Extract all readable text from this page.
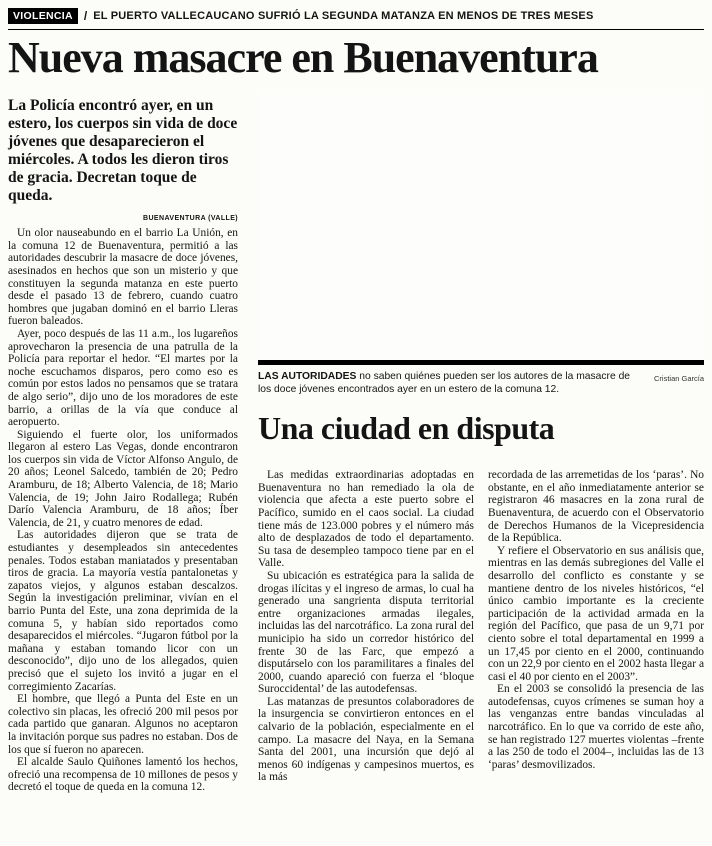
VIOLENCIA / EL PUERTO VALLECAUCANO SUFRIÓ LA SEGUNDA MATANZA EN MENOS DE TRES MESES
Nueva masacre en Buenaventura

La Policía encontró ayer, en un estero, los cuerpos sin vida de doce jóvenes que desaparecieron el miércoles. A todos les dieron tiros de gracia. Decretan toque de queda.

BUENAVENTURA (VALLE)

Un olor nauseabundo en el barrio La Unión, en la comuna 12 de Buenaventura, permitió a las autoridades descubrir la masacre de doce jóvenes, asesinados en hechos que son un misterio y que constituyen la segunda matanza en este puerto desde el pasado 13 de febrero, cuando cuatro hombres que jugaban dominó en el barrio Lleras fueron baleados.

Ayer, poco después de las 11 a.m., los lugareños aprovecharon la presencia de una patrulla de la Policía para reportar el hedor. “El martes por la noche escuchamos disparos, pero como eso es común por estos lados no pensamos que se tratara de algo serio”, dijo uno de los moradores de este barrio, a orillas de la vía que conduce al aeropuerto.

Siguiendo el fuerte olor, los uniformados llegaron al estero Las Vegas, donde encontraron los cuerpos sin vida de Víctor Alfonso Angulo, de 20 años; Leonel Salcedo, también de 20; Pedro Aramburu, de 18; Alberto Valencia, de 18; Mario Valencia, de 19; John Jairo Rodallega; Rubén Darío Valencia Aramburu, de 18 años; Íber Valencia, de 21, y cuatro menores de edad.

Las autoridades dijeron que se trata de estudiantes y desempleados sin antecedentes penales. Todos estaban maniatados y presentaban tiros de gracia. La mayoría vestía pantalonetas y zapatos viejos, y algunos estaban descalzos. Según la investigación preliminar, vivían en el barrio Punta del Este, una zona deprimida de la comuna 5, y habían sido reportados como desaparecidos el miércoles. “Jugaron fútbol por la mañana y estaban tomando licor con un desconocido”, dijo uno de los allegados, quien precisó que el sujeto los invitó a jugar en el corregimiento Zacarías.

El hombre, que llegó a Punta del Este en un colectivo sin placas, les ofreció 200 mil pesos por cada partido que ganaran. Algunos no aceptaron la invitación porque sus padres no estaban. Dos de los que sí fueron no aparecen.

El alcalde Saulo Quiñones lamentó los hechos, ofreció una recompensa de 10 millones de pesos y decretó el toque de queda en la comuna 12.

Cristian García
LAS AUTORIDADES no saben quiénes pueden ser los autores de la masacre de los doce jóvenes encontrados ayer en un estero de la comuna 12.
Una ciudad en disputa

Las medidas extraordinarias adoptadas en Buenaventura no han remediado la ola de violencia que afecta a este puerto sobre el Pacífico, sumido en el caos social. La ciudad tiene más de 123.000 pobres y el número más alto de desplazados de todo el departamento. Su tasa de desempleo tampoco tiene par en el Valle.

Su ubicación es estratégica para la salida de drogas ilícitas y el ingreso de armas, lo cual ha generado una sangrienta disputa territorial entre organizaciones armadas ilegales, incluidas las del narcotráfico. La zona rural del municipio ha sido un corredor histórico del frente 30 de las Farc, que empezó a disputárselo con los paramilitares a finales del 2000, cuando apareció con fuerza el ‘bloque Suroccidental’ de las autodefensas.

Las matanzas de presuntos colaboradores de la insurgencia se convirtieron entonces en el calvario de la población, especialmente en el campo. La masacre del Naya, en la Semana Santa del 2001, una incursión que dejó al menos 60 indígenas y campesinos muertos, es la más

recordada de las arremetidas de los ‘paras’. No obstante, en el año inmediatamente anterior se registraron 46 masacres en la zona rural de Buenaventura, de acuerdo con el Observatorio de Derechos Humanos de la Vicepresidencia de la República.

Y refiere el Observatorio en sus análisis que, mientras en las demás subregiones del Valle el desarrollo del conflicto es constante y se mantiene dentro de los niveles históricos, “el único cambio importante es la creciente participación de la actividad armada en la región del Pacífico, que pasa de un 9,71 por ciento sobre el total departamental en 1999 a un 17,45 por ciento en el 2000, continuando con un 22,9 por ciento en el 2002 hasta llegar a casi el 40 por ciento en el 2003”.

En el 2003 se consolidó la presencia de las autodefensas, cuyos crímenes se suman hoy a las venganzas entre bandas vinculadas al narcotráfico. En lo que va corrido de este año, se han registrado 127 muertes violentas –frente a las 250 de todo el 2004–, incluidas las de 13 ‘paras’ desmovilizados.
